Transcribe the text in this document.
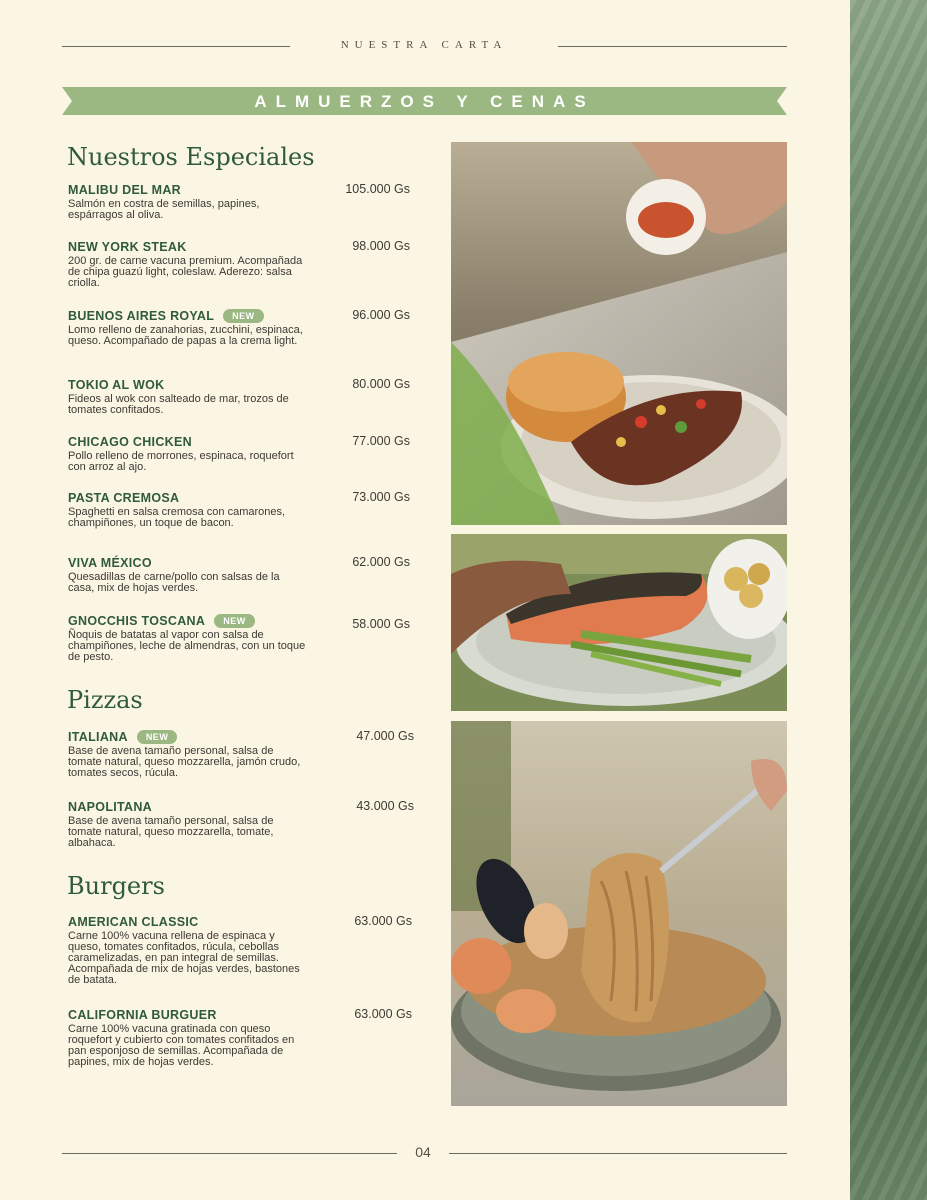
NUESTRA CARTA
ALMUERZOS Y CENAS
Nuestros Especiales
MALIBU DEL MAR
Salmón en costra de semillas, papines, espárragos al oliva.
105.000 Gs
NEW YORK STEAK
200 gr. de carne vacuna premium. Acompañada de chipa guazú light, coleslaw. Aderezo: salsa criolla.
98.000 Gs
BUENOS AIRES ROYAL	NEW
Lomo relleno de zanahorias, zucchini, espinaca, queso. Acompañado de papas a la crema light.
96.000 Gs
TOKIO AL WOK
Fideos al wok con salteado de mar, trozos de tomates confitados.
80.000 Gs
CHICAGO CHICKEN
Pollo relleno de morrones, espinaca, roquefort con arroz al ajo.
77.000 Gs
PASTA CREMOSA
Spaghetti en salsa cremosa con camarones, champiñones, un toque de bacon.
73.000 Gs
VIVA MÉXICO
Quesadillas de carne/pollo con salsas de la casa, mix de hojas verdes.
62.000 Gs
GNOCCHIS TOSCANA	NEW
Ñoquis de batatas al vapor con salsa de champiñones, leche de almendras, con un toque de pesto.
58.000 Gs
Pizzas
ITALIANA	NEW
Base de avena tamaño personal, salsa de tomate natural, queso mozzarella, jamón crudo, tomates secos, rúcula.
47.000 Gs
NAPOLITANA
Base de avena tamaño personal, salsa de tomate natural, queso mozzarella, tomate, albahaca.
43.000 Gs
Burgers
AMERICAN CLASSIC
Carne 100% vacuna rellena de espinaca y queso, tomates confitados, rúcula, cebollas caramelizadas, en pan integral de semillas. Acompañada de mix de hojas verdes, bastones de batata.
63.000 Gs
CALIFORNIA BURGUER
Carne 100% vacuna gratinada con queso roquefort y cubierto con tomates confitados en pan esponjoso de semillas. Acompañada de papines, mix de hojas verdes.
63.000 Gs
04
